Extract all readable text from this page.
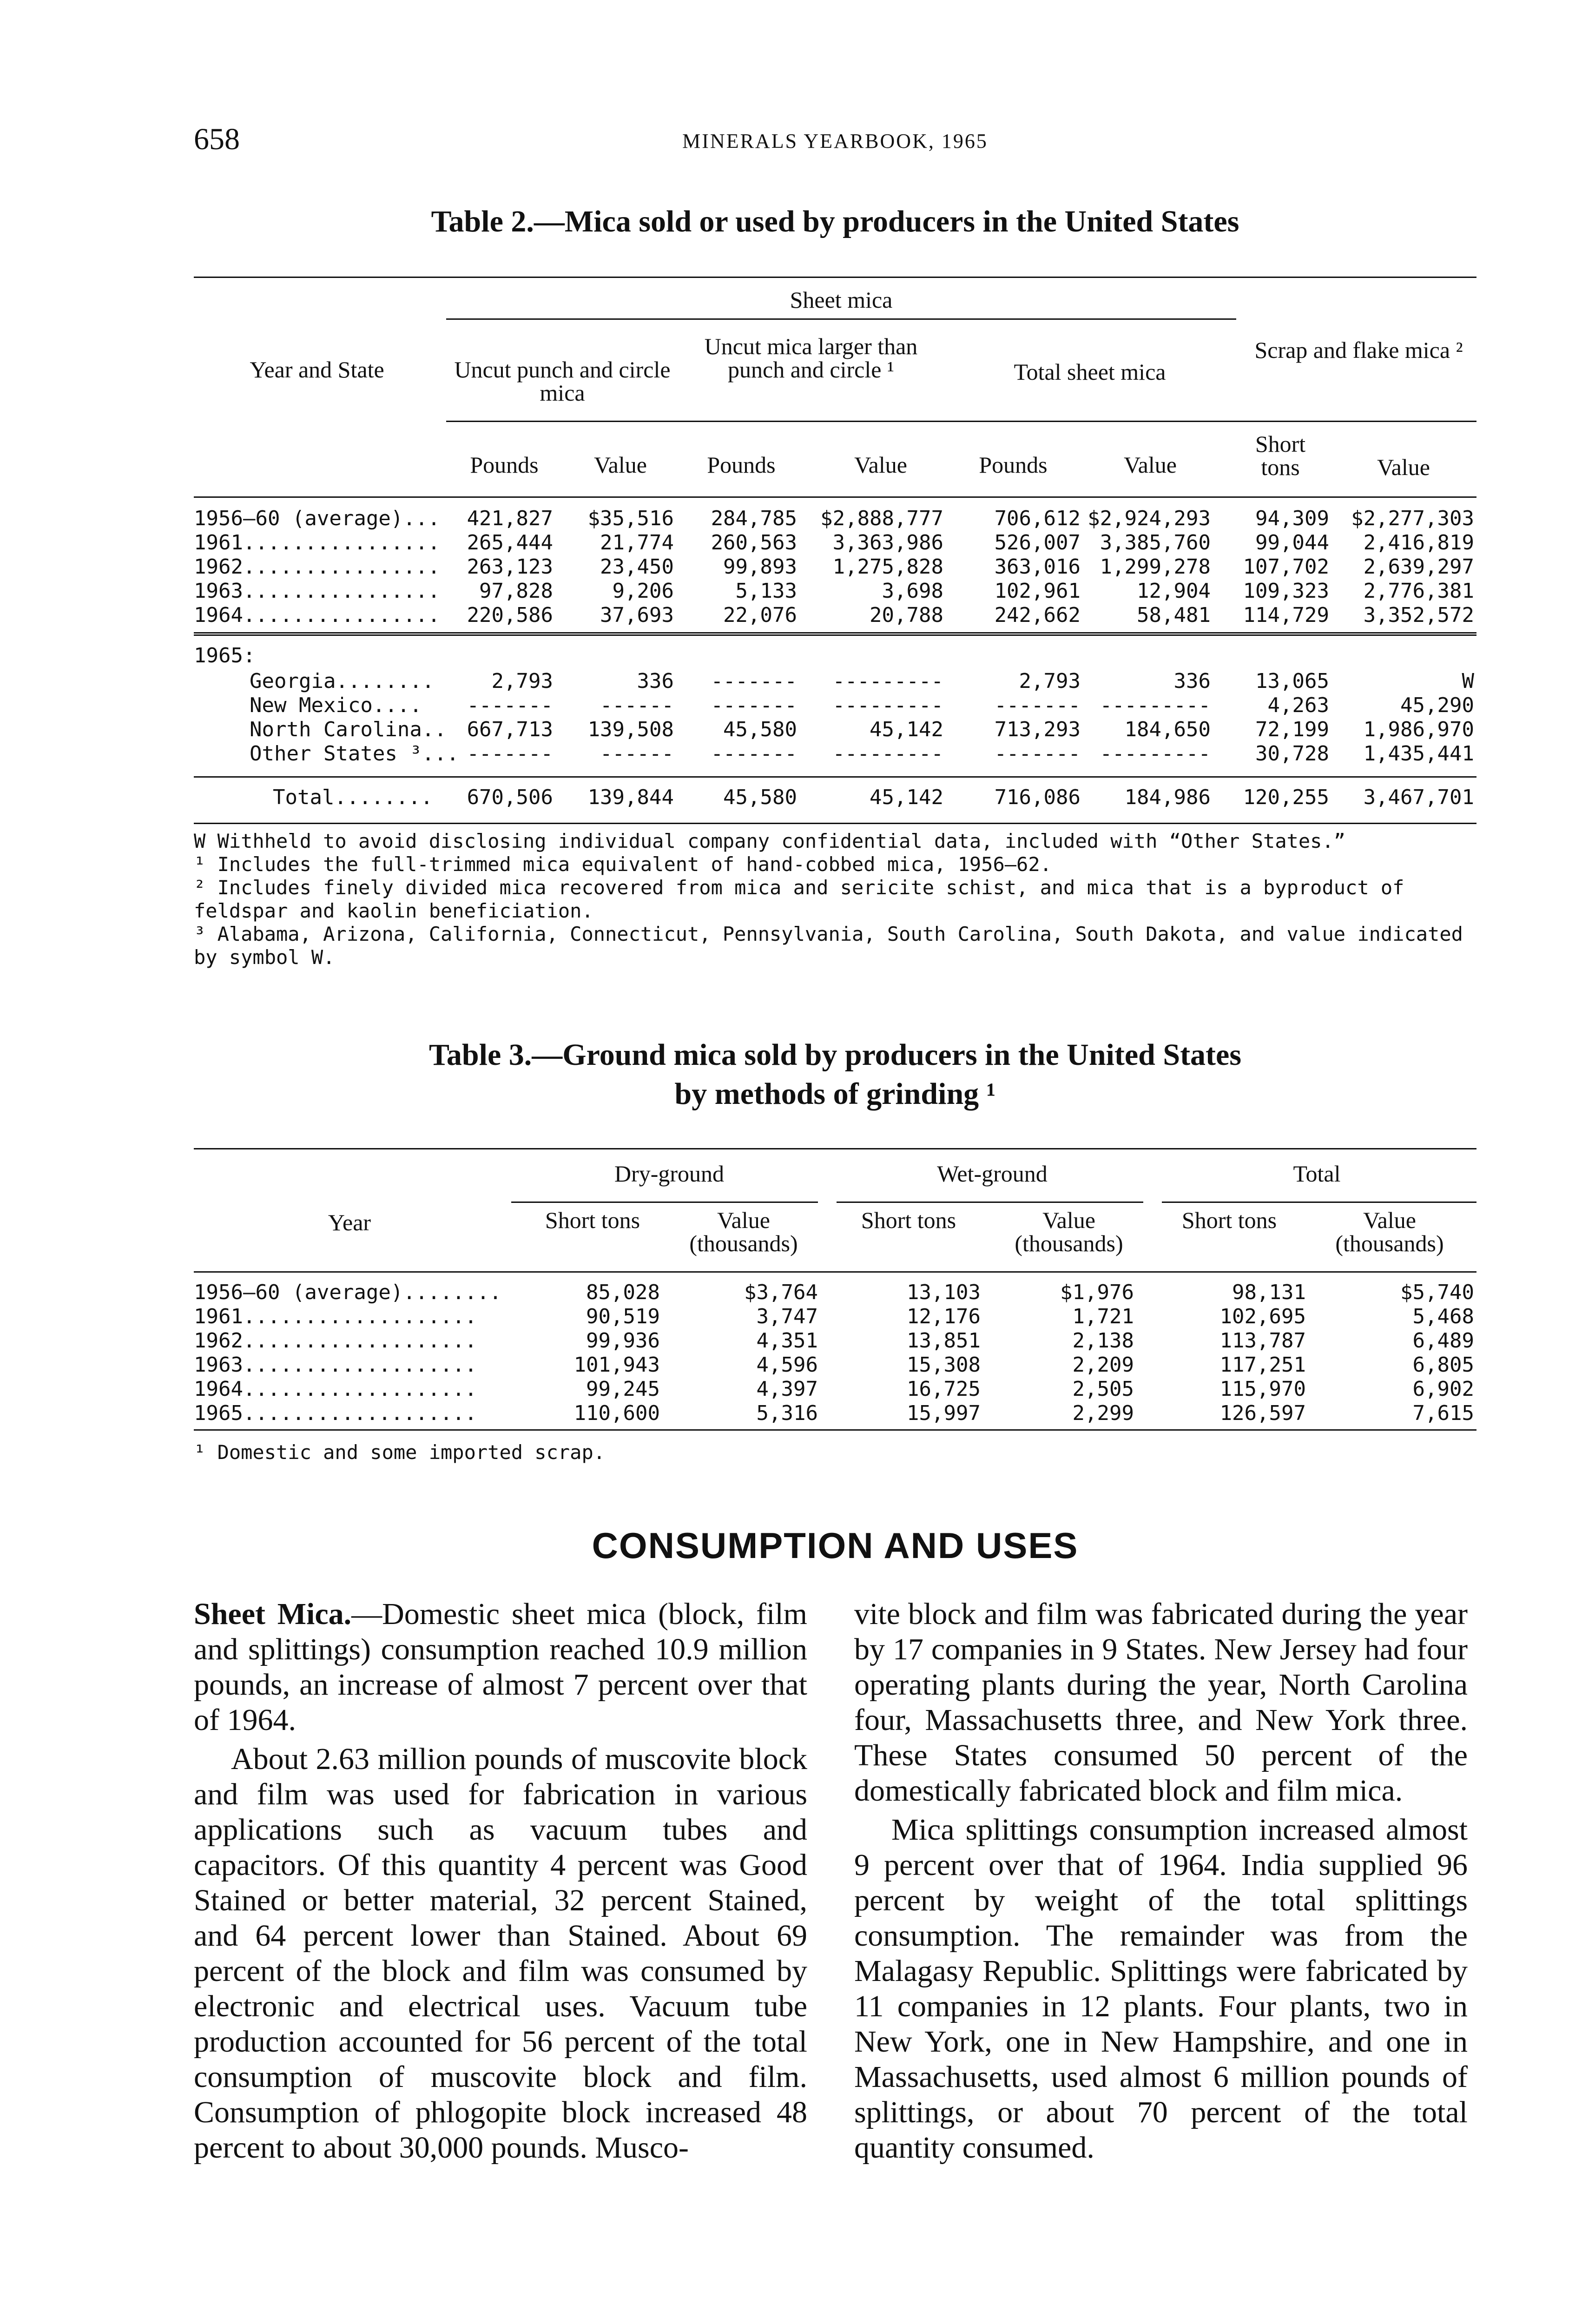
658	MINERALS YEARBOOK, 1965
Table 2.—Mica sold or used by producers in the United States
Sheet mica
Year and State	Uncut punch and circle mica
Uncut mica larger than punch and circle ¹	Total sheet mica
Scrap and flake mica ²
Pounds	Value	Pounds	Value	Pounds	Value
Short tons	Value
1956–60 (average)...	421,827	$35,516	284,785	$2,888,777	706,612 $2,924,293	94,309	$2,277,303
1961................	265,444	21,774	260,563	3,363,986	526,007 3,385,760	99,044	2,416,819
1962................	263,123	23,450	99,893	1,275,828	363,016 1,299,278	107,702	2,639,297
1963................	97,828	9,206	5,133	3,698	102,961	12,904	109,323	2,776,381
1964................	220,586	37,693	22,076	20,788	242,662	58,481	114,729	3,352,572
1965:
Georgia........	2,793	336	-------	---------	2,793	336	13,065	W
New Mexico....	-------	------	-------	---------	------- ---------	4,263	45,290
North Carolina.. 667,713	139,508	45,580	45,142	713,293	184,650	72,199	1,986,970
Other States ³... -------	------	-------	---------	------- ---------	30,728	1,435,441
Total........	670,506	139,844	45,580	45,142	716,086	184,986	120,255	3,467,701

W Withheld to avoid disclosing individual company confidential data, included with “Other States.”

¹ Includes the full-trimmed mica equivalent of hand-cobbed mica, 1956–62.

² Includes finely divided mica recovered from mica and sericite schist, and mica that is a byproduct of feldspar and kaolin beneficiation.

³ Alabama, Arizona, California, Connecticut, Pennsylvania, South Carolina, South Dakota, and value indicated by symbol W.

Table 3.—Ground mica sold by producers in the United States
by methods of grinding ¹
Dry-ground	Wet-ground	Total
Year	Short tons	Value (thousands)
Short tons	Value (thousands)
Short tons	Value (thousands)
1956–60 (average)........	85,028	$3,764	13,103	$1,976	98,131	$5,740
1961...................	90,519	3,747	12,176	1,721	102,695	5,468
1962...................	99,936	4,351	13,851	2,138	113,787	6,489
1963...................	101,943	4,596	15,308	2,209	117,251	6,805
1964...................	99,245	4,397	16,725	2,505	115,970	6,902
1965...................	110,600	5,316	15,997	2,299	126,597	7,615
¹ Domestic and some imported scrap.
CONSUMPTION AND USES

Sheet Mica.—Domestic sheet mica (block, film and splittings) consumption reached 10.9 million pounds, an increase of almost 7 percent over that of 1964.

About 2.63 million pounds of muscovite block and film was used for fabrication in various applications such as vacuum tubes and capacitors. Of this quantity 4 percent was Good Stained or better material, 32 percent Stained, and 64 percent lower than Stained. About 69 percent of the block and film was consumed by electronic and electrical uses. Vacuum tube production accounted for 56 percent of the total consumption of muscovite block and film. Consumption of phlogopite block increased 48 percent to about 30,000 pounds. Musco-

vite block and film was fabricated during the year by 17 companies in 9 States. New Jersey had four operating plants during the year, North Carolina four, Massachusetts three, and New York three. These States consumed 50 percent of the domestically fabricated block and film mica.

Mica splittings consumption increased almost 9 percent over that of 1964. India supplied 96 percent by weight of the total splittings consumption. The remainder was from the Malagasy Republic. Splittings were fabricated by 11 companies in 12 plants. Four plants, two in New York, one in New Hampshire, and one in Massachusetts, used almost 6 million pounds of splittings, or about 70 percent of the total quantity consumed.
